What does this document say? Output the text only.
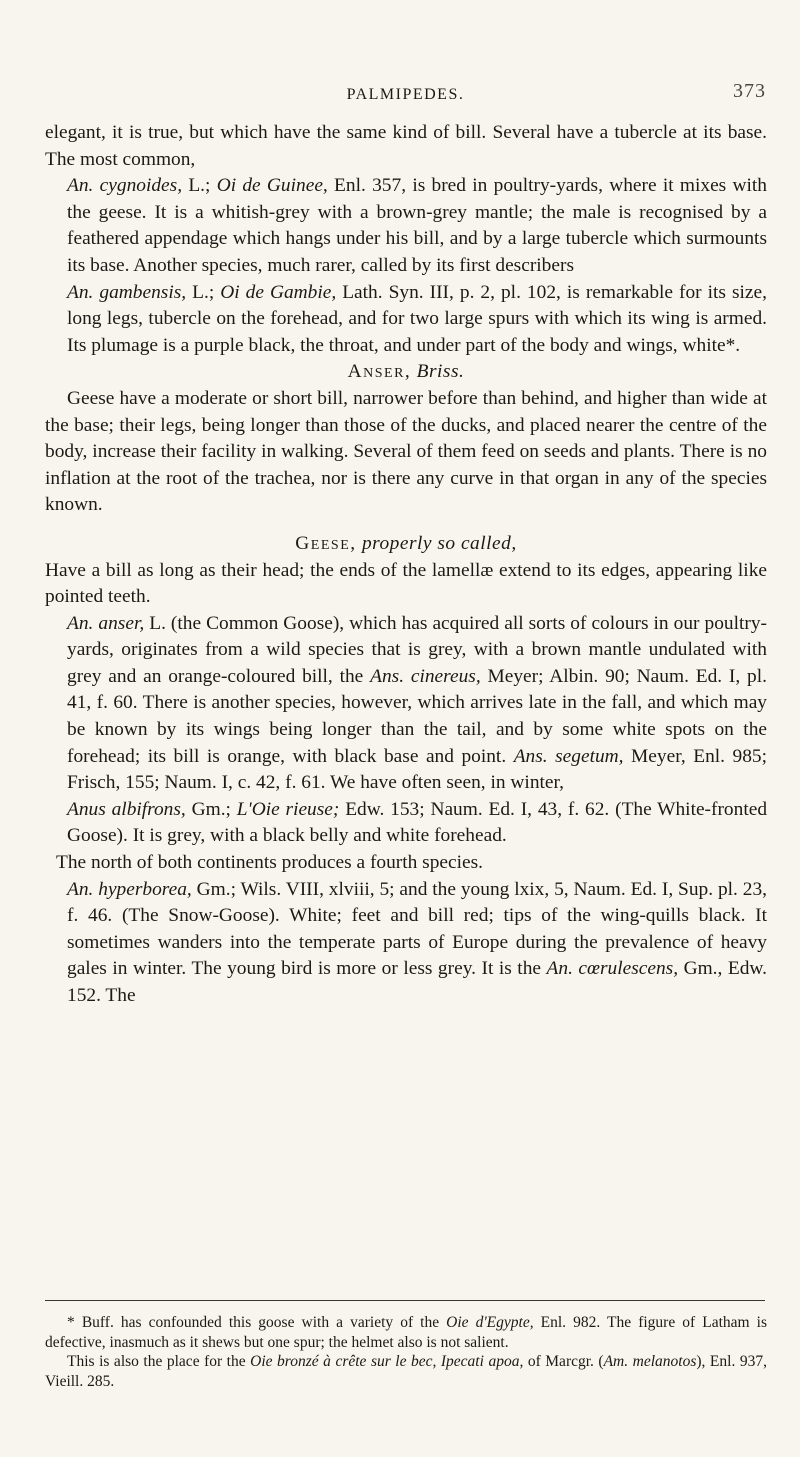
PALMIPEDES.	373

elegant, it is true, but which have the same kind of bill. Several have a tubercle at its base. The most common,

An. cygnoides, L.; Oi de Guinee, Enl. 357, is bred in poultry-yards, where it mixes with the geese. It is a whitish-grey with a brown-grey mantle; the male is recognised by a feathered appendage which hangs under his bill, and by a large tubercle which surmounts its base. Another species, much rarer, called by its first describers

An. gambensis, L.; Oi de Gambie, Lath. Syn. III, p. 2, pl. 102, is remarkable for its size, long legs, tubercle on the forehead, and for two large spurs with which its wing is armed. Its plumage is a purple black, the throat, and under part of the body and wings, white*.

Anser, Briss.

Geese have a moderate or short bill, narrower before than behind, and higher than wide at the base; their legs, being longer than those of the ducks, and placed nearer the centre of the body, increase their facility in walking. Several of them feed on seeds and plants. There is no inflation at the root of the trachea, nor is there any curve in that organ in any of the species known.

Geese, properly so called,

Have a bill as long as their head; the ends of the lamellæ extend to its edges, appearing like pointed teeth.

An. anser, L. (the Common Goose), which has acquired all sorts of colours in our poultry-yards, originates from a wild species that is grey, with a brown mantle undulated with grey and an orange-coloured bill, the Ans. cinereus, Meyer; Albin. 90; Naum. Ed. I, pl. 41, f. 60. There is another species, however, which arrives late in the fall, and which may be known by its wings being longer than the tail, and by some white spots on the forehead; its bill is orange, with black base and point. Ans. segetum, Meyer, Enl. 985; Frisch, 155; Naum. I, c. 42, f. 61. We have often seen, in winter,

Anus albifrons, Gm.; L'Oie rieuse; Edw. 153; Naum. Ed. I, 43, f. 62. (The White-fronted Goose). It is grey, with a black belly and white forehead.

The north of both continents produces a fourth species.

An. hyperborea, Gm.; Wils. VIII, xlviii, 5; and the young lxix, 5, Naum. Ed. I, Sup. pl. 23, f. 46. (The Snow-Goose). White; feet and bill red; tips of the wing-quills black. It sometimes wanders into the temperate parts of Europe during the prevalence of heavy gales in winter. The young bird is more or less grey. It is the An. cœrulescens, Gm., Edw. 152. The

* Buff. has confounded this goose with a variety of the Oie d'Egypte, Enl. 982. The figure of Latham is defective, inasmuch as it shews but one spur; the helmet also is not salient.

This is also the place for the Oie bronzé à crête sur le bec, Ipecati apoa, of Marcgr. (Am. melanotos), Enl. 937, Vieill. 285.
